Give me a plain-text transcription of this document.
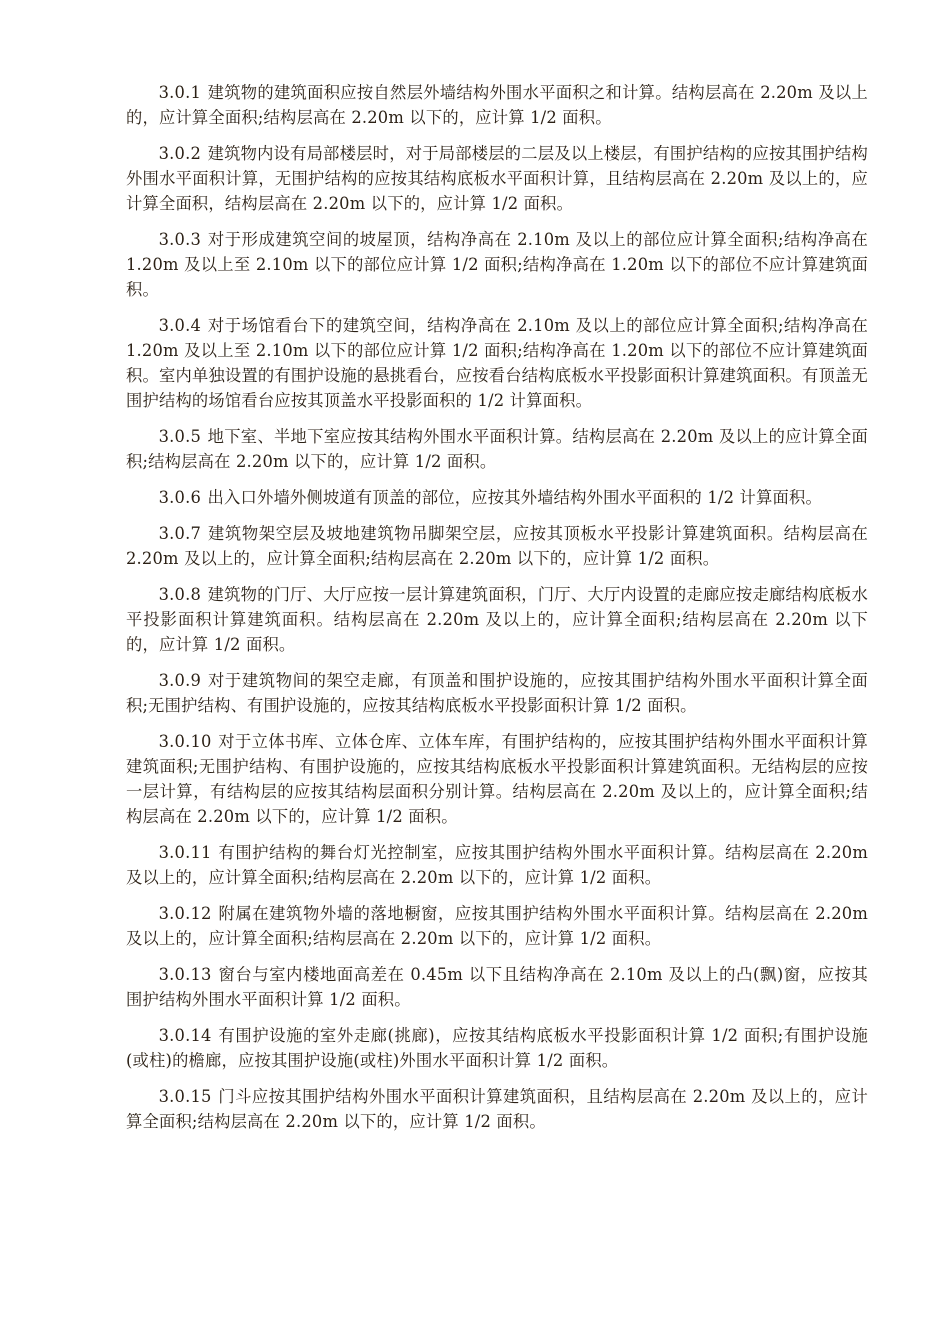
3.0.1 建筑物的建筑面积应按自然层外墙结构外围水平面积之和计算。结构层高在 2.20m 及以上的，应计算全面积;结构层高在 2.20m 以下的，应计算 1/2 面积。

3.0.2 建筑物内设有局部楼层时，对于局部楼层的二层及以上楼层，有围护结构的应按其围护结构外围水平面积计算，无围护结构的应按其结构底板水平面积计算，且结构层高在 2.20m 及以上的，应计算全面积，结构层高在 2.20m 以下的，应计算 1/2 面积。

3.0.3 对于形成建筑空间的坡屋顶，结构净高在 2.10m 及以上的部位应计算全面积;结构净高在 1.20m 及以上至 2.10m 以下的部位应计算 1/2 面积;结构净高在 1.20m 以下的部位不应计算建筑面积。

3.0.4 对于场馆看台下的建筑空间，结构净高在 2.10m 及以上的部位应计算全面积;结构净高在 1.20m 及以上至 2.10m 以下的部位应计算 1/2 面积;结构净高在 1.20m 以下的部位不应计算建筑面积。室内单独设置的有围护设施的悬挑看台，应按看台结构底板水平投影面积计算建筑面积。有顶盖无围护结构的场馆看台应按其顶盖水平投影面积的 1/2 计算面积。

3.0.5 地下室、半地下室应按其结构外围水平面积计算。结构层高在 2.20m 及以上的应计算全面积;结构层高在 2.20m 以下的，应计算 1/2 面积。

3.0.6 出入口外墙外侧坡道有顶盖的部位，应按其外墙结构外围水平面积的 1/2 计算面积。

3.0.7 建筑物架空层及坡地建筑物吊脚架空层，应按其顶板水平投影计算建筑面积。结构层高在 2.20m 及以上的，应计算全面积;结构层高在 2.20m 以下的，应计算 1/2 面积。

3.0.8 建筑物的门厅、大厅应按一层计算建筑面积，门厅、大厅内设置的走廊应按走廊结构底板水平投影面积计算建筑面积。结构层高在 2.20m 及以上的，应计算全面积;结构层高在 2.20m 以下的，应计算 1/2 面积。

3.0.9 对于建筑物间的架空走廊，有顶盖和围护设施的，应按其围护结构外围水平面积计算全面积;无围护结构、有围护设施的，应按其结构底板水平投影面积计算 1/2 面积。

3.0.10 对于立体书库、立体仓库、立体车库，有围护结构的，应按其围护结构外围水平面积计算建筑面积;无围护结构、有围护设施的，应按其结构底板水平投影面积计算建筑面积。无结构层的应按一层计算，有结构层的应按其结构层面积分别计算。结构层高在 2.20m 及以上的，应计算全面积;结构层高在 2.20m 以下的，应计算 1/2 面积。

3.0.11 有围护结构的舞台灯光控制室，应按其围护结构外围水平面积计算。结构层高在 2.20m 及以上的，应计算全面积;结构层高在 2.20m 以下的，应计算 1/2 面积。

3.0.12 附属在建筑物外墙的落地橱窗，应按其围护结构外围水平面积计算。结构层高在 2.20m 及以上的，应计算全面积;结构层高在 2.20m 以下的，应计算 1/2 面积。

3.0.13 窗台与室内楼地面高差在 0.45m 以下且结构净高在 2.10m 及以上的凸(飘)窗，应按其围护结构外围水平面积计算 1/2 面积。

3.0.14 有围护设施的室外走廊(挑廊)，应按其结构底板水平投影面积计算 1/2 面积;有围护设施(或柱)的檐廊，应按其围护设施(或柱)外围水平面积计算 1/2 面积。

3.0.15 门斗应按其围护结构外围水平面积计算建筑面积，且结构层高在 2.20m 及以上的，应计算全面积;结构层高在 2.20m 以下的，应计算 1/2 面积。
